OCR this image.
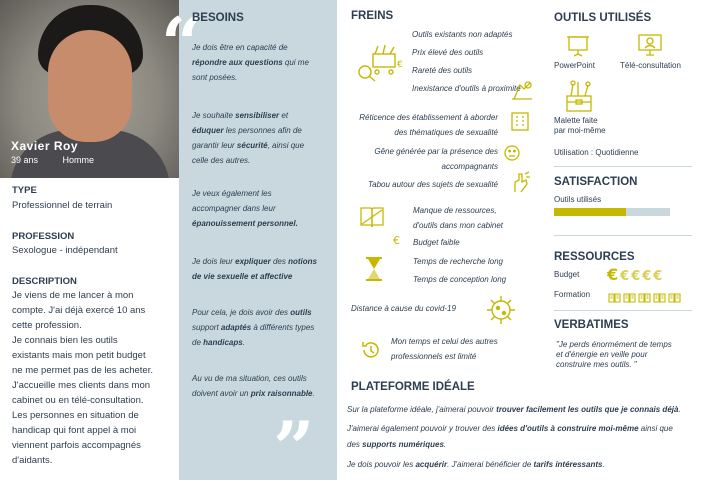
Xavier Roy
39 ans	Homme
TYPE
Professionnel de terrain
PROFESSION
Sexologue - indépendant
DESCRIPTION
Je viens de me lancer à mon
compte. J'ai déjà exercé 10 ans
cette profession.
Je connais bien les outils
existants mais mon petit budget
ne me permet pas de les acheter.
J'accueille mes clients dans mon
cabinet ou en télé-consultation.
Les personnes en situation de
handicap qui font appel à moi
viennent parfois accompagnés
d'aidants.
“
BESOINS

Je dois être en capacité de
répondre aux questions qui me
sont posées.

Je souhaite sensibiliser et
éduquer les personnes afin de
garantir leur sécurité, ainsi que
celle des autres.

Je veux également les
accompagner dans leur
épanouissement personnel.

Je dois leur expliquer des notions
de vie sexuelle et affective

Pour cela, je dois avoir des outils
support adaptés à différents types
de handicaps.

Au vu de ma situation, ces outils
doivent avoir un prix raisonnable.

”
FREINS
€
Outils existants non adaptés
Prix élevé des outils
Rareté des outils
Inexistance d'outils à proximité
Réticence des établissement à aborder
des thématiques de sexualité
Gêne générée par la présence des
accompagnants
Tabou autour des sujets de sexualité
Manque de ressources,
d'outils dans mon cabinet
€ Budget faible
Temps de recherche long
Temps de conception long
Distance à cause du covid-19
Mon temps et celui des autres
professionnels est limité
PLATEFORME IDÉALE
Sur la plateforme idéale, j'aimerai pouvoir trouver facilement les outils que je connais déjà.
J'aimerai également pouvoir y trouver des idées d'outils à construire moi-même ainsi que
des supports numériques.
Je dois pouvoir les acquérir. J'aimerai bénéficier de tarifs intéressants.
OUTILS UTILISÉS
PowerPoint	Télé-consultation
Malette faite
par moi-même
Utilisation : Quotidienne
SATISFACTION
Outils utilisés
RESSOURCES
Budget € € € € €
Formation
VERBATIMES
"Je perds énormément de temps
et d'énergie en veille pour
construire mes outils. "
